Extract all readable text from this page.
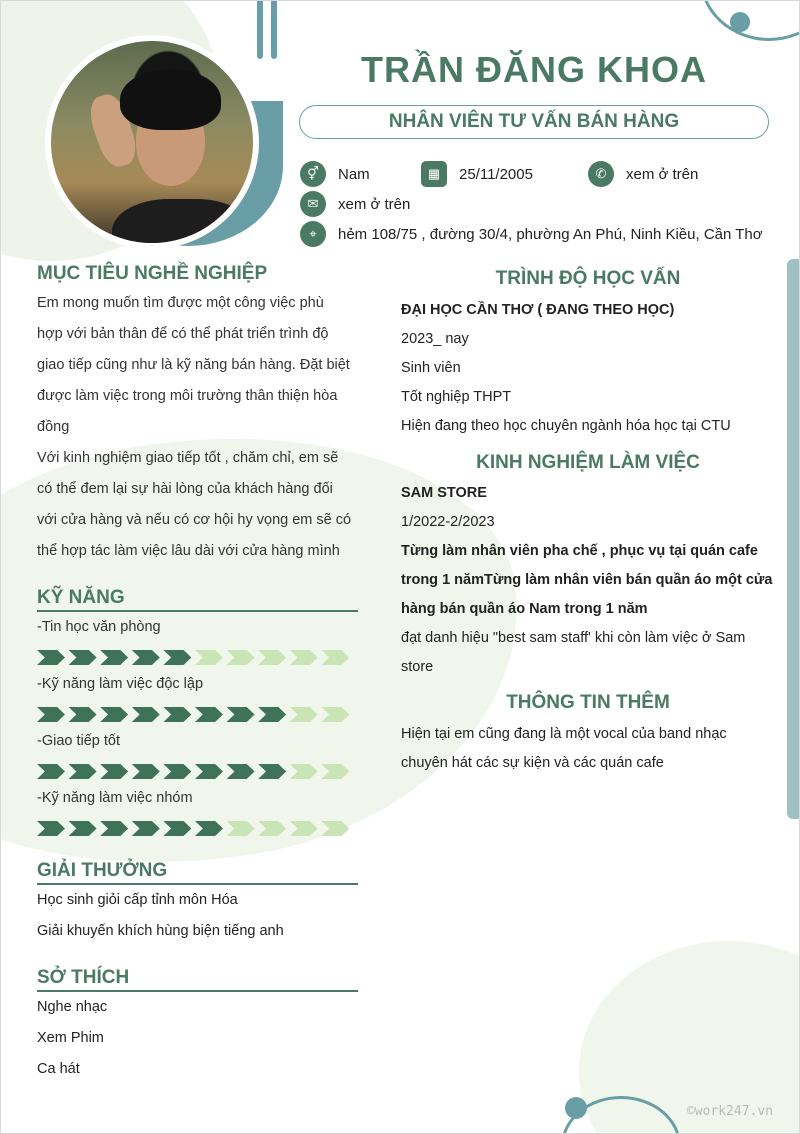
TRẦN ĐĂNG KHOA
NHÂN VIÊN TƯ VẤN BÁN HÀNG
⚥	Nam	▦	25/11/2005	✆	xem ở trên
✉	xem ở trên
⌖	hẻm 108/75 , đường 30/4, phường An Phú, Ninh Kiều, Cần Thơ
MỤC TIÊU NGHỀ NGHIỆP
Em mong muốn tìm được một công việc phù
hợp với bản thân để có thể phát triển trình độ
giao tiếp cũng như là kỹ năng bán hàng. Đặt biệt
được làm việc trong môi trường thân thiện hòa
đồng
Với kinh nghiệm giao tiếp tốt , chăm chỉ, em sẽ
có thể đem lại sự hài lòng của khách hàng đối
với cửa hàng và nếu có cơ hội hy vọng em sẽ có
thể hợp tác làm việc lâu dài với cửa hàng mình
KỸ NĂNG
-Tin học văn phòng
-Kỹ năng làm việc độc lập
-Giao tiếp tốt
-Kỹ năng làm việc nhóm
GIẢI THƯỞNG
Học sinh giỏi cấp tỉnh môn Hóa
Giải khuyến khích hùng biện tiếng anh
SỞ THÍCH
Nghe nhạc
Xem Phim
Ca hát
TRÌNH ĐỘ HỌC VẤN
ĐẠI HỌC CẦN THƠ ( ĐANG THEO HỌC)
2023_ nay
Sinh viên
Tốt nghiệp THPT
Hiện đang theo học chuyên ngành hóa học tại CTU
KINH NGHIỆM LÀM VIỆC
SAM STORE
1/2022-2/2023
Từng làm nhân viên pha chế , phục vụ tại quán cafe
trong 1 nămTừng làm nhân viên bán quần áo một cửa
hàng bán quần áo Nam trong 1 năm
đạt danh hiệu "best sam staff' khi còn làm việc ở Sam
store
THÔNG TIN THÊM
Hiện tại em cũng đang là một vocal của band nhạc
chuyên hát các sự kiện và các quán cafe
©work247.vn
